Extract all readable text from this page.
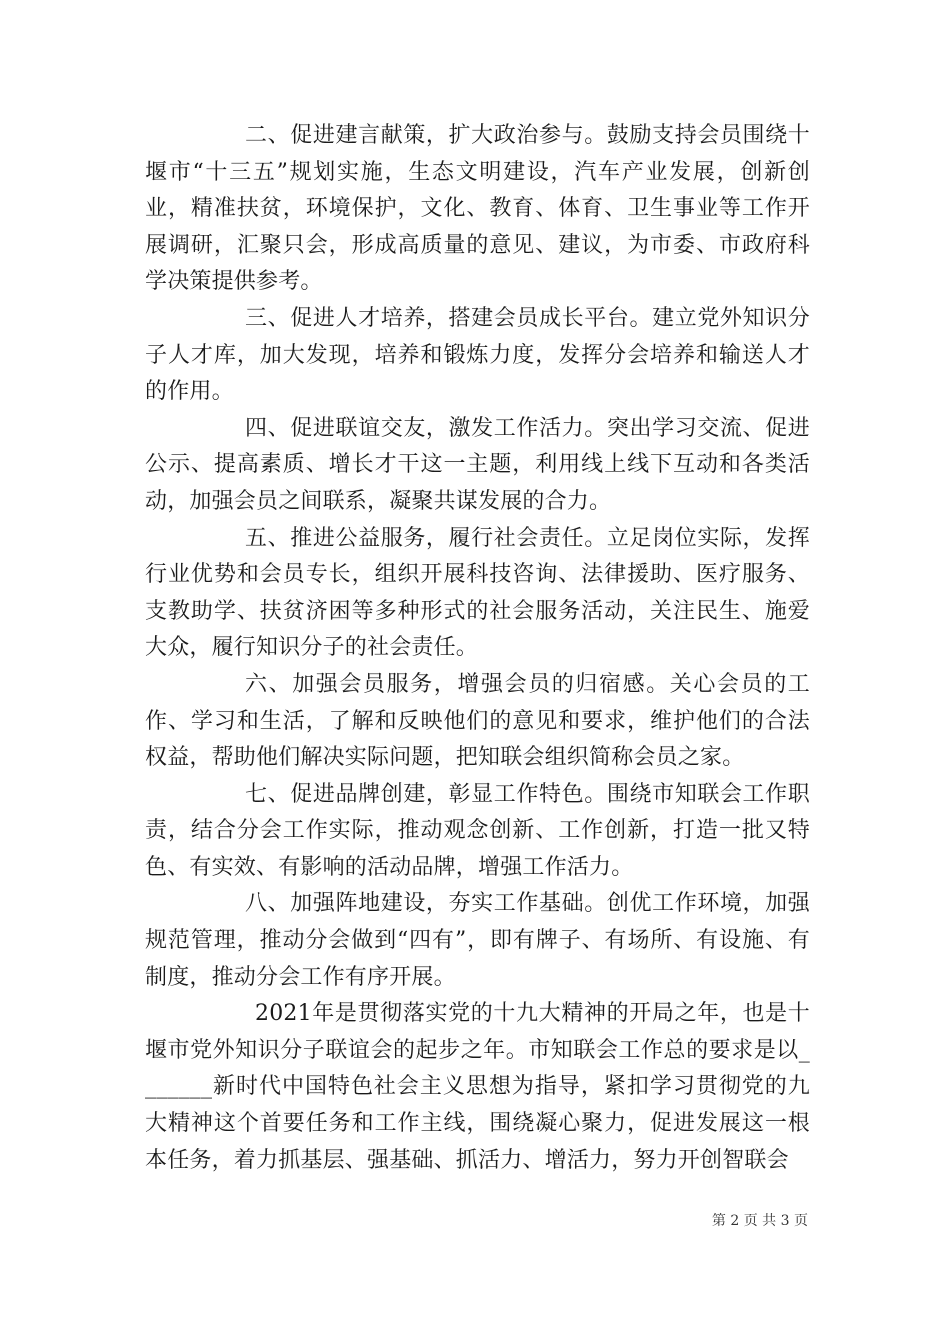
二、促进建言献策，扩大政治参与。鼓励支持会员围绕十堰市“十三五”规划实施，生态文明建设，汽车产业发展，创新创业，精准扶贫，环境保护，文化、教育、体育、卫生事业等工作开展调研，汇聚只会，形成高质量的意见、建议，为市委、市政府科学决策提供参考。

三、促进人才培养，搭建会员成长平台。建立党外知识分子人才库，加大发现，培养和锻炼力度，发挥分会培养和输送人才的作用。

四、促进联谊交友，激发工作活力。突出学习交流、促进公示、提高素质、增长才干这一主题，利用线上线下互动和各类活动，加强会员之间联系，凝聚共谋发展的合力。

五、推进公益服务，履行社会责任。立足岗位实际，发挥行业优势和会员专长，组织开展科技咨询、法律援助、医疗服务、支教助学、扶贫济困等多种形式的社会服务活动，关注民生、施爱大众，履行知识分子的社会责任。

六、加强会员服务，增强会员的归宿感。关心会员的工作、学习和生活，了解和反映他们的意见和要求，维护他们的合法权益，帮助他们解决实际问题，把知联会组织简称会员之家。

七、促进品牌创建，彰显工作特色。围绕市知联会工作职责，结合分会工作实际，推动观念创新、工作创新，打造一批又特色、有实效、有影响的活动品牌，增强工作活力。

八、加强阵地建设，夯实工作基础。创优工作环境，加强规范管理，推动分会做到“四有”，即有牌子、有场所、有设施、有制度，推动分会工作有序开展。

2021年是贯彻落实党的十九大精神的开局之年，也是十堰市党外知识分子联谊会的起步之年。市知联会工作总的要求是以_______新时代中国特色社会主义思想为指导，紧扣学习贯彻党的九大精神这个首要任务和工作主线，围绕凝心聚力，促进发展这一根本任务，着力抓基层、强基础、抓活力、增活力，努力开创智联会

第 2 页 共 3 页
